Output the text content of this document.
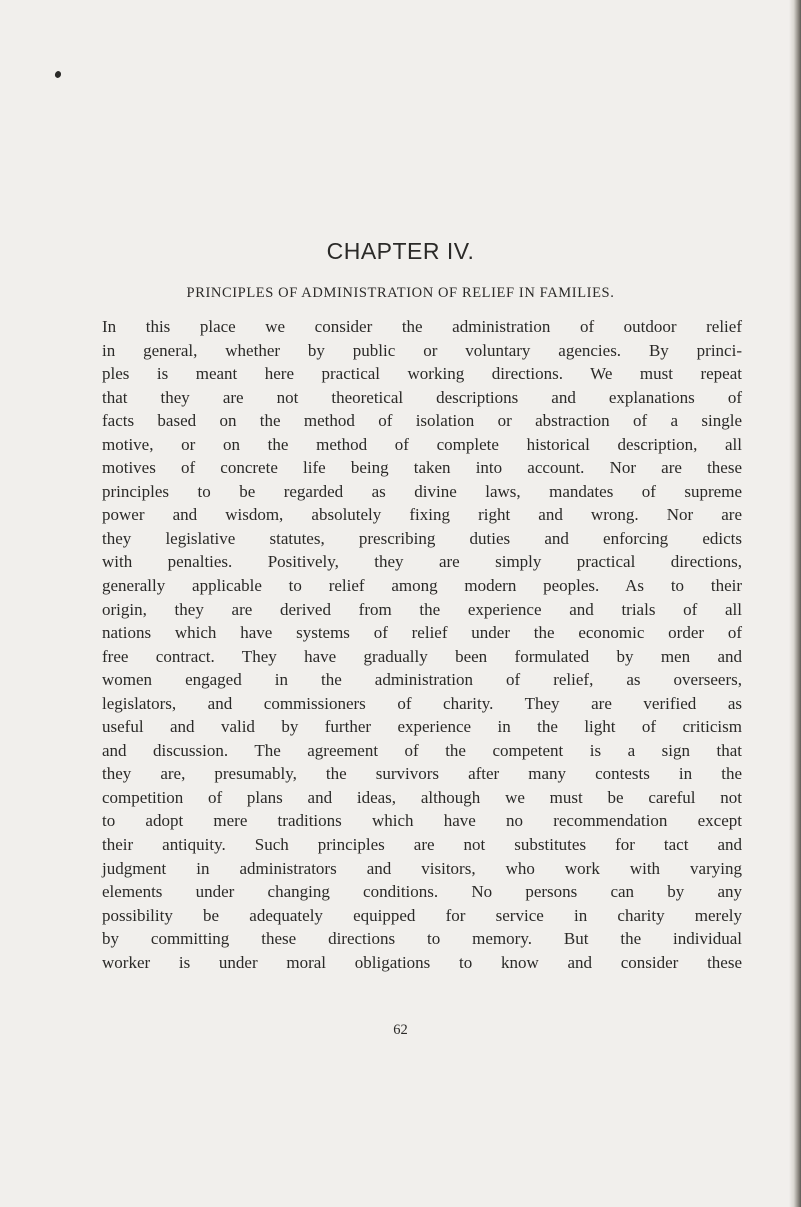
CHAPTER IV.
PRINCIPLES OF ADMINISTRATION OF RELIEF IN FAMILIES.
In this place we consider the administration of outdoor relief
in general, whether by public or voluntary agencies. By princi-
ples is meant here practical working directions. We must repeat
that they are not theoretical descriptions and explanations of
facts based on the method of isolation or abstraction of a single
motive, or on the method of complete historical description, all
motives of concrete life being taken into account. Nor are these
principles to be regarded as divine laws, mandates of supreme
power and wisdom, absolutely fixing right and wrong. Nor are
they legislative statutes, prescribing duties and enforcing edicts
with penalties. Positively, they are simply practical directions,
generally applicable to relief among modern peoples. As to their
origin, they are derived from the experience and trials of all
nations which have systems of relief under the economic order of
free contract. They have gradually been formulated by men and
women engaged in the administration of relief, as overseers,
legislators, and commissioners of charity. They are verified as
useful and valid by further experience in the light of criticism
and discussion. The agreement of the competent is a sign that
they are, presumably, the survivors after many contests in the
competition of plans and ideas, although we must be careful not
to adopt mere traditions which have no recommendation except
their antiquity. Such principles are not substitutes for tact and
judgment in administrators and visitors, who work with varying
elements under changing conditions. No persons can by any
possibility be adequately equipped for service in charity merely
by committing these directions to memory. But the individual
worker is under moral obligations to know and consider these

62
